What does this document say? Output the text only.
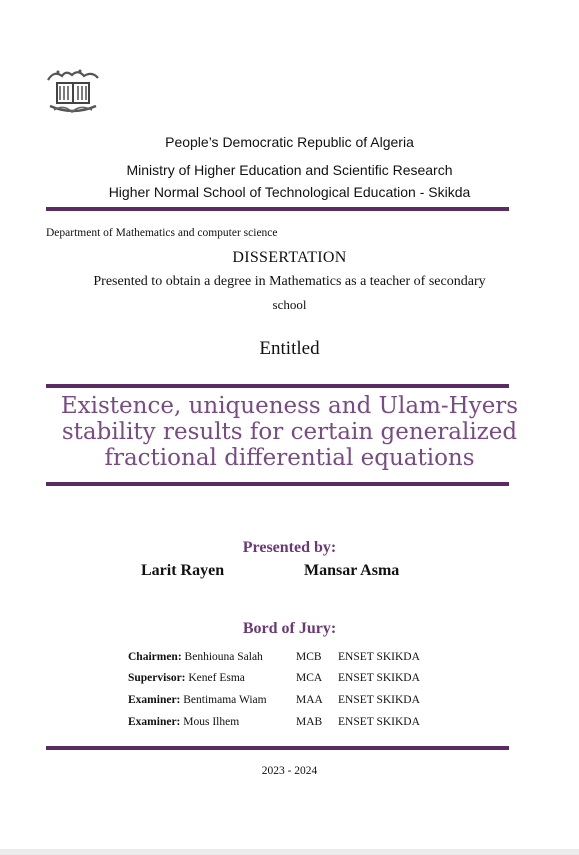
People’s Democratic Republic of Algeria
Ministry of Higher Education and Scientific Research
Higher Normal School of Technological Education - Skikda
Department of Mathematics and computer science
DISSERTATION
Presented to obtain a degree in Mathematics as a teacher of secondary
school
Entitled
Existence, uniqueness and Ulam-Hyers
stability results for certain generalized
fractional differential equations
Presented by:
Larit Rayen	Mansar Asma
Bord of Jury:
Chairmen: Benhiouna Salah	MCB ENSET SKIKDA
Supervisor: Kenef Esma	MCA ENSET SKIKDA
Examiner: Bentimama Wiam	MAA ENSET SKIKDA
Examiner: Mous Ilhem	MAB ENSET SKIKDA
2023 - 2024
